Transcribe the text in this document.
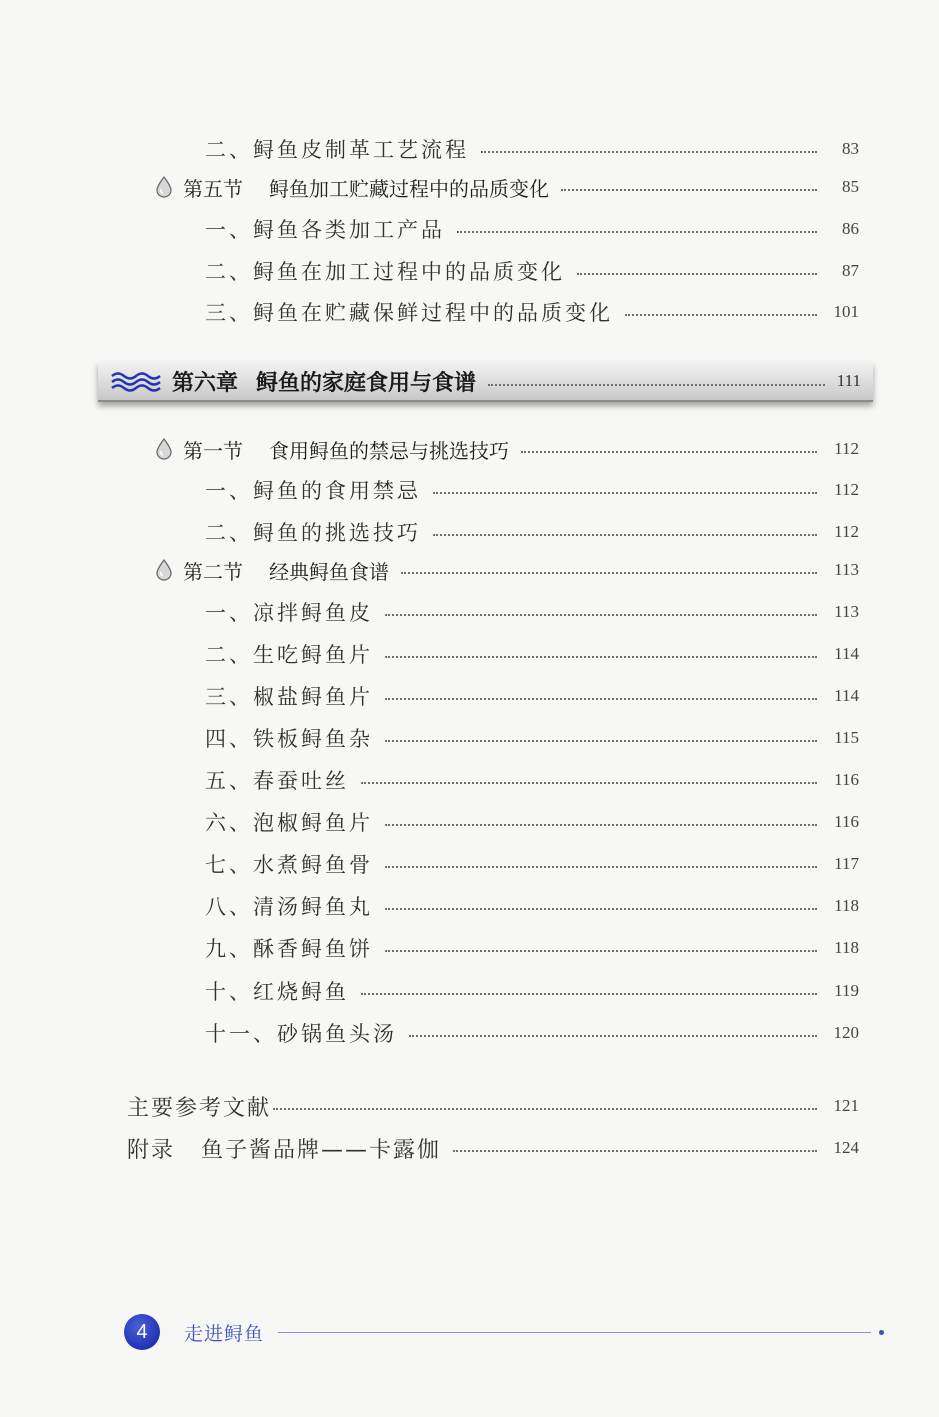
二、鲟鱼皮制革工艺流程	83
第五节 鲟鱼加工贮藏过程中的品质变化	85
一、鲟鱼各类加工产品	86
二、鲟鱼在加工过程中的品质变化	87
三、鲟鱼在贮藏保鲜过程中的品质变化	101
第六章 鲟鱼的家庭食用与食谱	111
第一节 食用鲟鱼的禁忌与挑选技巧	112
一、鲟鱼的食用禁忌	112
二、鲟鱼的挑选技巧	112
第二节 经典鲟鱼食谱	113
一、凉拌鲟鱼皮	113
二、生吃鲟鱼片	114
三、椒盐鲟鱼片	114
四、铁板鲟鱼杂	115
五、春蚕吐丝	116
六、泡椒鲟鱼片	116
七、水煮鲟鱼骨	117
八、清汤鲟鱼丸	118
九、酥香鲟鱼饼	118
十、红烧鲟鱼	119
十一、砂锅鱼头汤	120
主要参考文献	121
附录 鱼子酱品牌——卡露伽	124
4	走进鲟鱼
